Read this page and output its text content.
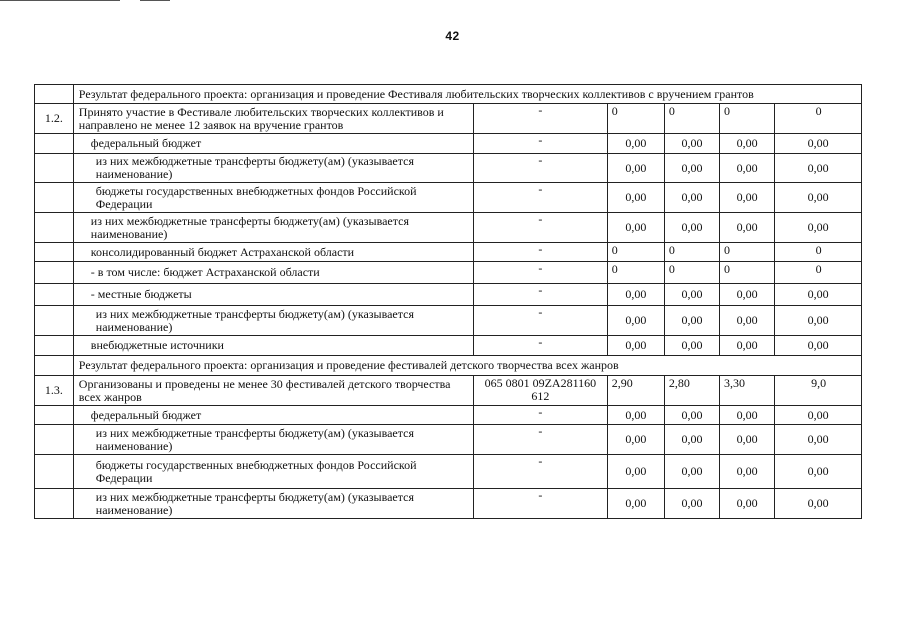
42
	Результат федерального проекта: организация и проведение Фестиваля любительских творческих коллективов с вручением грантов					
1.2.	Принято участие в Фестивале любительских творческих коллективов и направлено не менее 12 заявок на вручение грантов	-	0	0	0	0
	федеральный бюджет	-	0,00	0,00	0,00	0,00
	из них межбюджетные трансферты бюджету(ам) (указывается наименование)	-	0,00	0,00	0,00	0,00
	бюджеты государственных внебюджетных фондов Российской Федерации	-	0,00	0,00	0,00	0,00
	из них межбюджетные трансферты бюджету(ам) (указывается наименование)	-	0,00	0,00	0,00	0,00
	консолидированный бюджет Астраханской области	-	0	0	0	0
	- в том числе: бюджет Астраханской области	-	0	0	0	0
	- местные бюджеты	-	0,00	0,00	0,00	0,00
	из них межбюджетные трансферты бюджету(ам) (указывается наименование)	-	0,00	0,00	0,00	0,00
	внебюджетные источники	-	0,00	0,00	0,00	0,00
	Результат федерального проекта: организация и проведение фестивалей детского творчества всех жанров					
1.3.	Организованы и проведены не менее 30 фестивалей детского творчества всех жанров	065 0801 09ZA281160 612	2,90	2,80	3,30	9,0
	федеральный бюджет	-	0,00	0,00	0,00	0,00
	из них межбюджетные трансферты бюджету(ам) (указывается наименование)	-	0,00	0,00	0,00	0,00
	бюджеты государственных внебюджетных фондов Российской Федерации	-	0,00	0,00	0,00	0,00
	из них межбюджетные трансферты бюджету(ам) (указывается наименование)	-	0,00	0,00	0,00	0,00
